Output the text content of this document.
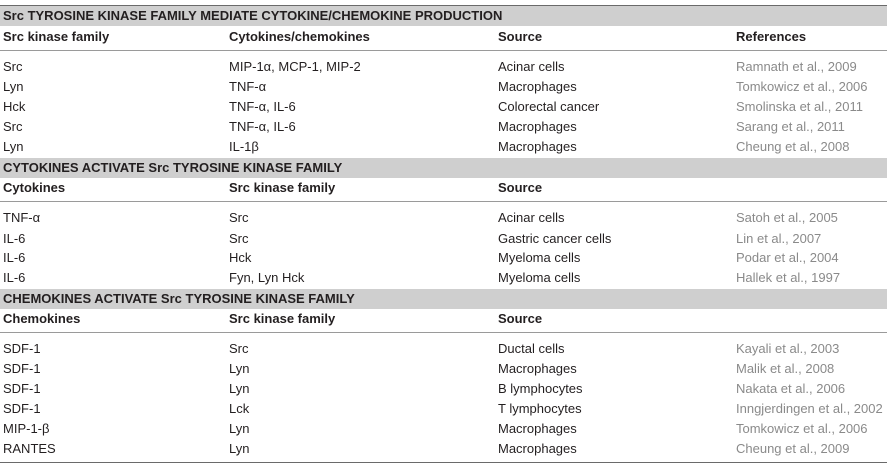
Src TYROSINE KINASE FAMILY MEDIATE CYTOKINE/CHEMOKINE PRODUCTION
Src kinase family	Cytokines/chemokines	Source	References
Src	MIP-1α, MCP-1, MIP-2	Acinar cells	Ramnath et al., 2009
Lyn	TNF-α	Macrophages	Tomkowicz et al., 2006
Hck	TNF-α, IL-6	Colorectal cancer	Smolinska et al., 2011
Src	TNF-α, IL-6	Macrophages	Sarang et al., 2011
Lyn	IL-1β	Macrophages	Cheung et al., 2008
CYTOKINES ACTIVATE Src TYROSINE KINASE FAMILY
Cytokines	Src kinase family	Source
TNF-α	Src	Acinar cells	Satoh et al., 2005
IL-6	Src	Gastric cancer cells	Lin et al., 2007
IL-6	Hck	Myeloma cells	Podar et al., 2004
IL-6	Fyn, Lyn Hck	Myeloma cells	Hallek et al., 1997
CHEMOKINES ACTIVATE Src TYROSINE KINASE FAMILY
Chemokines	Src kinase family	Source
SDF-1	Src	Ductal cells	Kayali et al., 2003
SDF-1	Lyn	Macrophages	Malik et al., 2008
SDF-1	Lyn	B lymphocytes	Nakata et al., 2006
SDF-1	Lck	T lymphocytes	Inngjerdingen et al., 2002
MIP-1-β	Lyn	Macrophages	Tomkowicz et al., 2006
RANTES	Lyn	Macrophages	Cheung et al., 2009
